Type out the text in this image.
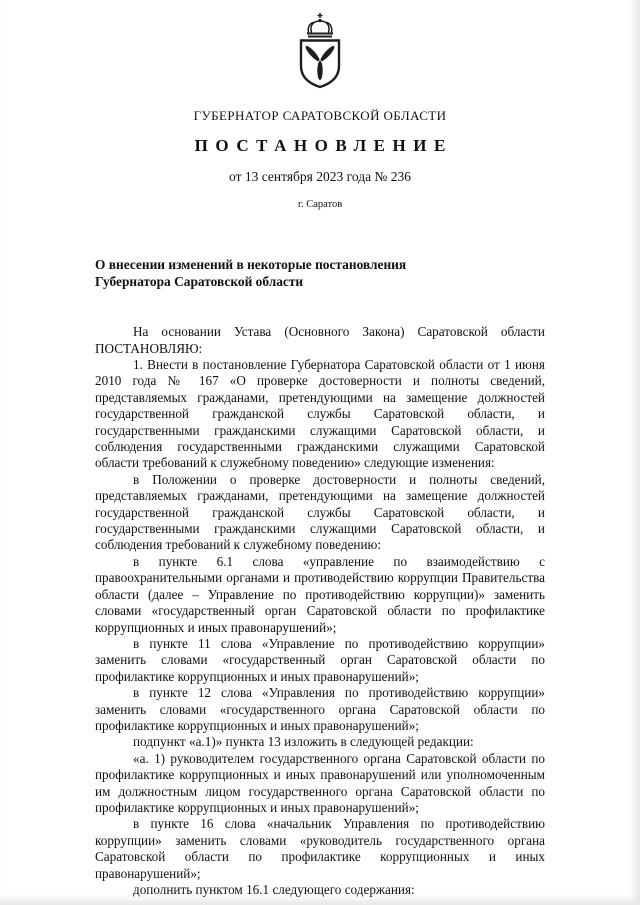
ГУБЕРНАТОР САРАТОВСКОЙ ОБЛАСТИ
ПОСТАНОВЛЕНИЕ
от 13 сентября 2023 года № 236
г. Саратов
О внесении изменений в некоторые постановления
Губернатора Саратовской области

На основании Устава (Основного Закона) Саратовской области ПОСТАНОВЛЯЮ:

1. Внести в постановление Губернатора Саратовской области от 1 июня 2010 года № 167 «О проверке достоверности и полноты сведений, представляемых гражданами, претендующими на замещение должностей государственной гражданской службы Саратовской области, и государственными гражданскими служащими Саратовской области, и соблюдения государственными гражданскими служащими Саратовской области требований к служебному поведению» следующие изменения:

в Положении о проверке достоверности и полноты сведений, представляемых гражданами, претендующими на замещение должностей государственной гражданской службы Саратовской области, и государственными гражданскими служащими Саратовской области, и соблюдения требований к служебному поведению:

в пункте 6.1 слова «управление по взаимодействию с правоохранительными органами и противодействию коррупции Правительства области (далее – Управление по противодействию коррупции)» заменить словами «государственный орган Саратовской области по профилактике коррупционных и иных правонарушений»;

в пункте 11 слова «Управление по противодействию коррупции» заменить словами «государственный орган Саратовской области по профилактике коррупционных и иных правонарушений»;

в пункте 12 слова «Управления по противодействию коррупции» заменить словами «государственного органа Саратовской области по профилактике коррупционных и иных правонарушений»;

подпункт «а.1)» пункта 13 изложить в следующей редакции:

«а. 1) руководителем государственного органа Саратовской области по профилактике коррупционных и иных правонарушений или уполномоченным им должностным лицом государственного органа Саратовской области по профилактике коррупционных и иных правонарушений»;

в пункте 16 слова «начальник Управления по противодействию коррупции» заменить словами «руководитель государственного органа Саратовской области по профилактике коррупционных и иных правонарушений»;

дополнить пунктом 16.1 следующего содержания:
